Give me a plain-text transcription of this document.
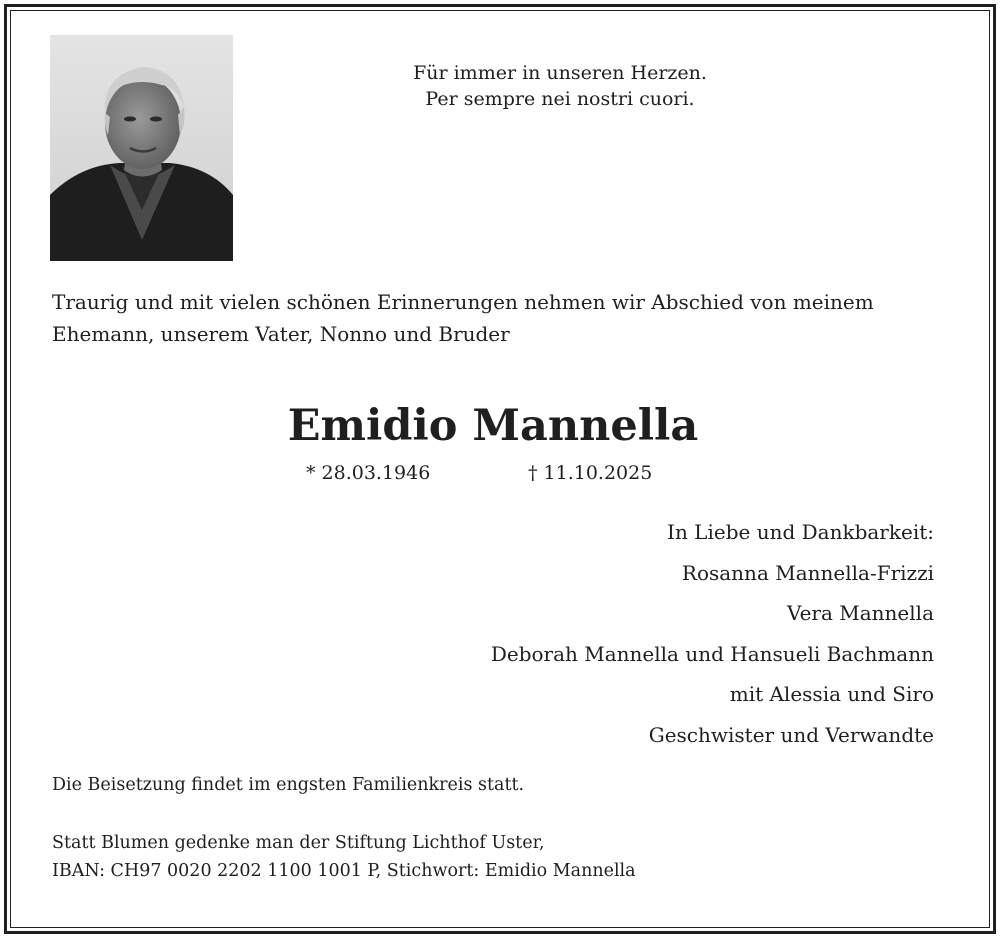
Für immer in unseren Herzen.
Per sempre nei nostri cuori.
Traurig und mit vielen schönen Erinnerungen nehmen wir Abschied von meinem
Ehemann, unserem Vater, Nonno und Bruder
Emidio Mannella
* 28.03.1946	† 11.10.2025
In Liebe und Dankbarkeit:
Rosanna Mannella-Frizzi
Vera Mannella
Deborah Mannella und Hansueli Bachmann
mit Alessia und Siro
Geschwister und Verwandte
Die Beisetzung findet im engsten Familienkreis statt.
Statt Blumen gedenke man der Stiftung Lichthof Uster,
IBAN: CH97 0020 2202 1100 1001 P, Stichwort: Emidio Mannella
